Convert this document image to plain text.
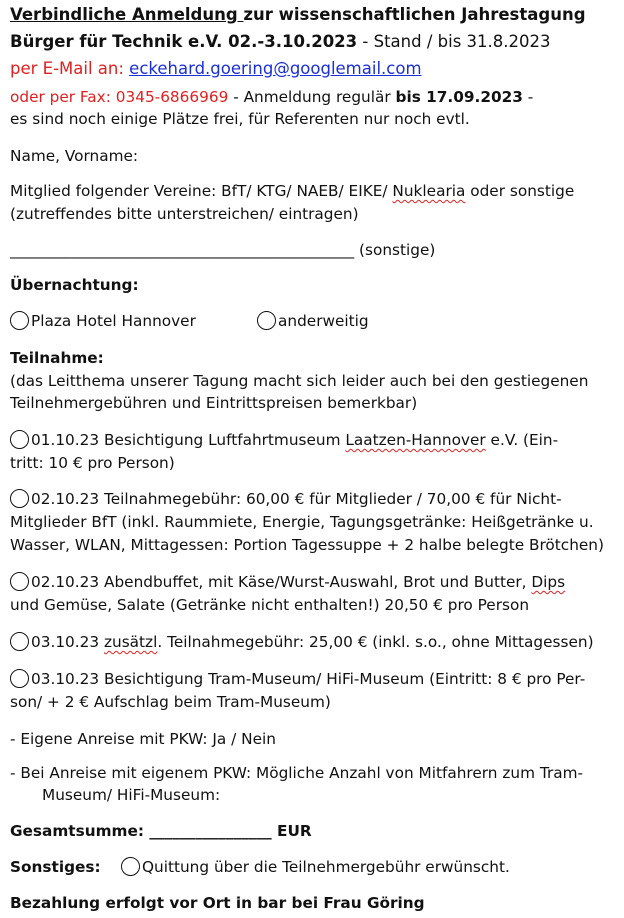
Verbindliche Anmeldung zur wissenschaftlichen Jahrestagung
Bürger für Technik e.V. 02.-3.10.2023 - Stand / bis 31.8.2023
per E-Mail an: eckehard.goering@googlemail.com
oder per Fax: 0345-6866969 - Anmeldung regulär bis 17.09.2023 -
es sind noch einige Plätze frei, für Referenten nur noch evtl.
Name, Vorname:
Mitglied folgender Vereine: BfT/ KTG/ NAEB/ EIKE/ Nuklearia oder sonstige
(zutreffendes bitte unterstreichen/ eintragen)
_____________________________________________ (sonstige)
Übernachtung:
Plaza Hotel Hannover	anderweitig
Teilnahme:
(das Leitthema unserer Tagung macht sich leider auch bei den gestiegenen
Teilnehmergebühren und Eintrittspreisen bemerkbar)
01.10.23 Besichtigung Luftfahrtmuseum Laatzen-Hannover e.V. (Ein-
tritt: 10 € pro Person)
02.10.23 Teilnahmegebühr: 60,00 € für Mitglieder / 70,00 € für Nicht-
Mitglieder BfT (inkl. Raummiete, Energie, Tagungsgetränke: Heißgetränke u.
Wasser, WLAN, Mittagessen: Portion Tagessuppe + 2 halbe belegte Brötchen)
02.10.23 Abendbuffet, mit Käse/Wurst-Auswahl, Brot und Butter, Dips
und Gemüse, Salate (Getränke nicht enthalten!) 20,50 € pro Person
03.10.23 zusätzl. Teilnahmegebühr: 25,00 € (inkl. s.o., ohne Mittagessen)
03.10.23 Besichtigung Tram-Museum/ HiFi-Museum (Eintritt: 8 € pro Per-
son/ + 2 € Aufschlag beim Tram-Museum)
- Eigene Anreise mit PKW: Ja / Nein
- Bei Anreise mit eigenem PKW: Mögliche Anzahl von Mitfahrern zum Tram-
Museum/ HiFi-Museum:
Gesamtsumme: ________________ EUR
Sonstiges:	Quittung über die Teilnehmergebühr erwünscht.
Bezahlung erfolgt vor Ort in bar bei Frau Göring
